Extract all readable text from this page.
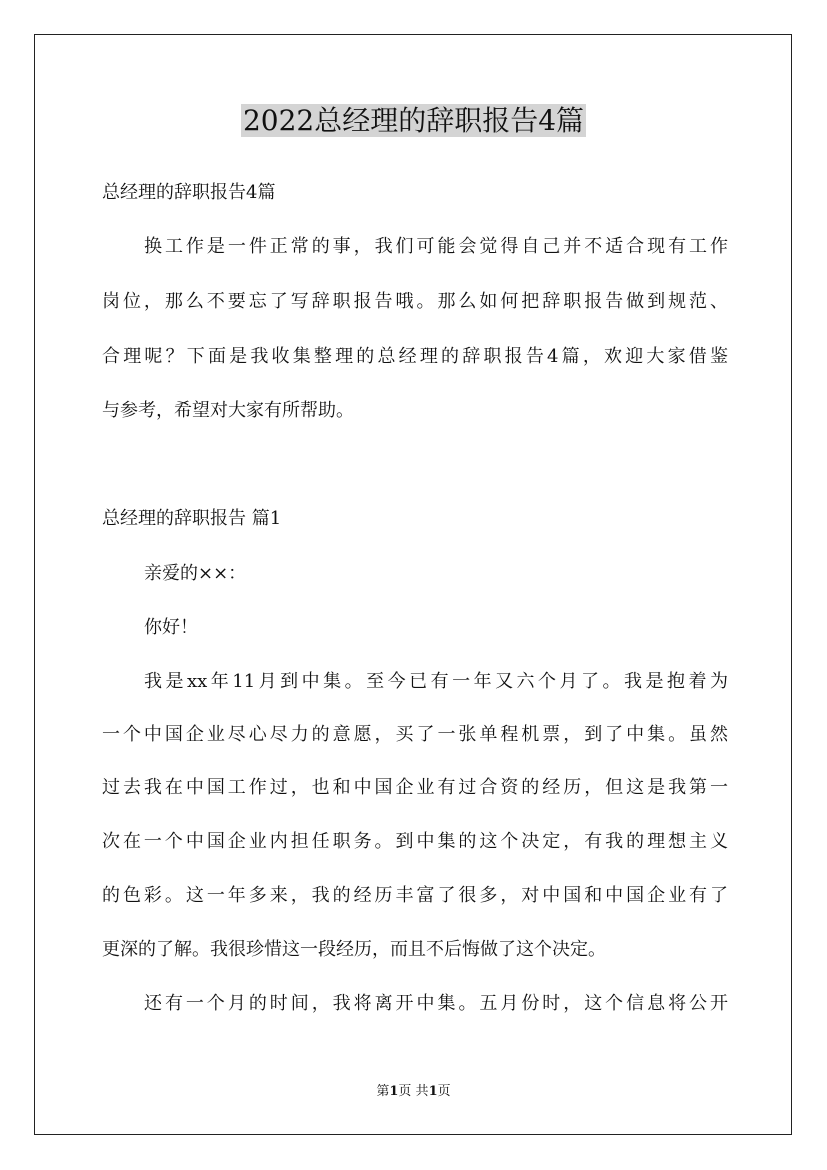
2022总经理的辞职报告4篇
总经理的辞职报告4篇
换工作是一件正常的事，我们可能会觉得自己并不适合现有工作
岗位，那么不要忘了写辞职报告哦。那么如何把辞职报告做到规范、
合理呢？下面是我收集整理的总经理的辞职报告4篇，欢迎大家借鉴
与参考，希望对大家有所帮助。
总经理的辞职报告 篇1
亲爱的××：
你好！
我是xx年11月到中集。至今已有一年又六个月了。我是抱着为
一个中国企业尽心尽力的意愿，买了一张单程机票，到了中集。虽然
过去我在中国工作过，也和中国企业有过合资的经历，但这是我第一
次在一个中国企业内担任职务。到中集的这个决定，有我的理想主义
的色彩。这一年多来，我的经历丰富了很多，对中国和中国企业有了
更深的了解。我很珍惜这一段经历，而且不后悔做了这个决定。
还有一个月的时间，我将离开中集。五月份时，这个信息将公开
第1页 共1页
